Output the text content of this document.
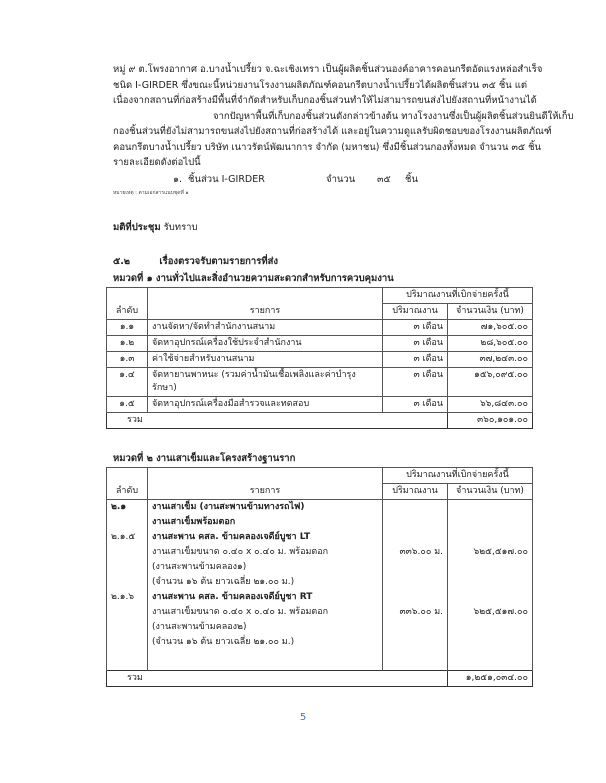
หมู่ ๙ ต.โพรงอากาศ อ.บางน้ำเปรี้ยว จ.ฉะเชิงเทรา เป็นผู้ผลิตชิ้นส่วนองค์อาคารคอนกรีตอัดแรงหล่อสำเร็จ

ชนิด I-GIRDER ซึ่งขณะนี้หน่วยงานโรงงานผลิตภัณฑ์คอนกรีตบางน้ำเปรี้ยวได้ผลิตชิ้นส่วน ๓๕ ชิ้น แต่

เนื่องจากสถานที่ก่อสร้างมีพื้นที่จำกัดสำหรับเก็บกองชิ้นส่วนทำให้ไม่สามารถขนส่งไปยังสถานที่หน้างานได้

จากปัญหาพื้นที่เก็บกองชิ้นส่วนดังกล่าวข้างต้น ทางโรงงานซึ่งเป็นผู้ผลิตชิ้นส่วนยินดีให้เก็บ

กองชิ้นส่วนที่ยังไม่สามารถขนส่งไปยังสถานที่ก่อสร้างได้ และอยู่ในความดูแลรับผิดชอบของโรงงานผลิตภัณฑ์

คอนกรีตบางน้ำเปรี้ยว บริษัท เนาวรัตน์พัฒนาการ จำกัด (มหาชน) ซึ่งมีชิ้นส่วนกองทั้งหมด จำนวน ๓๕ ชิ้น

รายละเอียดดังต่อไปนี้

๑. ชิ้นส่วน I-GIRDER	จำนวน	๓๕	ชิ้น
หมายเหตุ : ตามเอกสารแนบชุดที่ ๑
มติที่ประชุม รับทราบ
๕.๒	เรื่องตรวจรับตามรายการที่ส่ง
หมวดที่ ๑ งานทั่วไปและสิ่งอำนวยความสะดวกสำหรับการควบคุมงาน
ลำดับ	รายการ	ปริมาณงานที่เบิกจ่ายครั้งนี้	
		ปริมาณงาน	จำนวนเงิน (บาท)
๑.๑	งานจัดหา/จัดทำสำนักงานสนาม	๓ เดือน	๗๑,๖๐๕.๐๐
๑.๒	จัดหาอุปกรณ์เครื่องใช้ประจำสำนักงาน	๓ เดือน	๒๘,๖๐๕.๐๐
๑.๓	ค่าใช้จ่ายสำหรับงานสนาม	๓ เดือน	๓๗,๒๔๓.๐๐
๑.๔	จัดหายานพาหนะ (รวมค่าน้ำมันเชื้อเพลิงและค่าบำรุงรักษา)	๓ เดือน	๑๕๖,๐๙๕.๐๐
๑.๕	จัดหาอุปกรณ์เครื่องมือสำรวจและทดสอบ	๓ เดือน	๖๖,๘๔๓.๐๐
รวม			๓๖๐,๑๐๑.๐๐
หมวดที่ ๒ งานเสาเข็มและโครงสร้างฐานราก
ลำดับ	รายการ	ปริมาณงานที่เบิกจ่ายครั้งนี้	
		ปริมาณงาน	จำนวนเงิน (บาท)
๒.๑	งานเสาเข็ม (งานสะพานข้ามทางรถไฟ)		
	งานเสาเข็มพร้อมตอก		
๒.๑.๕	งานสะพาน คสล. ข้ามคลองเจดีย์บูชา LT		
	งานเสาเข็มขนาด ๐.๔๐ x ๐.๔๐ ม. พร้อมตอก	๓๓๖.๐๐ ม.	๖๒๕,๕๑๗.๐๐
	(งานสะพานข้ามคลอง๑)		
	(จำนวน ๑๖ ต้น ยาวเฉลี่ย ๒๑.๐๐ ม.)		
๒.๑.๖	งานสะพาน คสล. ข้ามคลองเจดีย์บูชา RT		
	งานเสาเข็มขนาด ๐.๔๐ x ๐.๔๐ ม. พร้อมตอก	๓๓๖.๐๐ ม.	๖๒๕,๕๑๗.๐๐
	(งานสะพานข้ามคลอง๒)		
	(จำนวน ๑๖ ต้น ยาวเฉลี่ย ๒๑.๐๐ ม.)		

รวม			๑,๒๕๑,๐๓๔.๐๐
5
